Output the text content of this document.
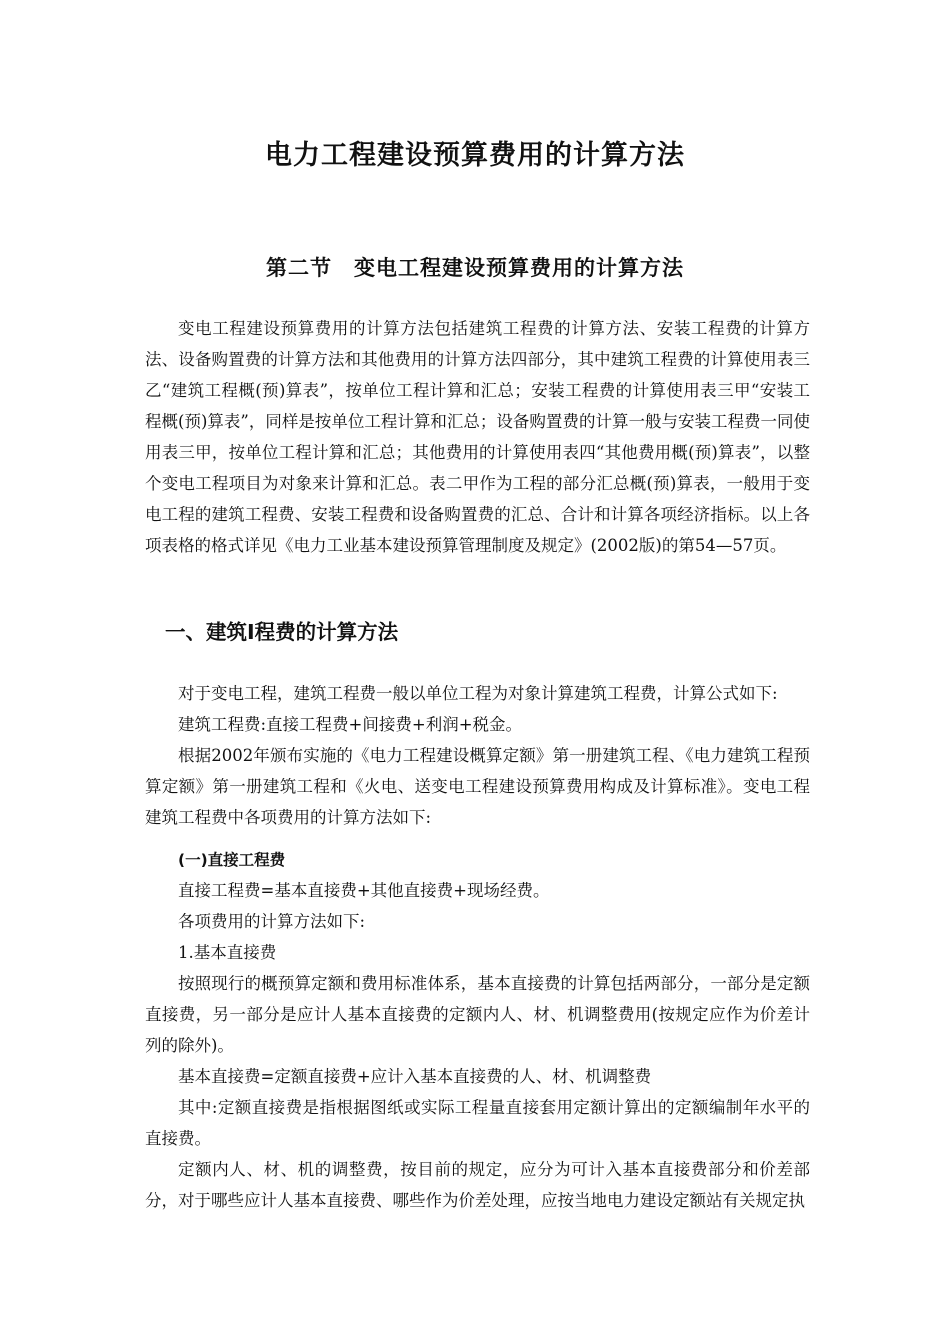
电力工程建设预算费用的计算方法
第二节 变电工程建设预算费用的计算方法

变电工程建设预算费用的计算方法包括建筑工程费的计算方法、安装工程费的计算方法、设备购置费的计算方法和其他费用的计算方法四部分，其中建筑工程费的计算使用表三乙“建筑工程概(预)算表”，按单位工程计算和汇总；安装工程费的计算使用表三甲“安装工程概(预)算表”，同样是按单位工程计算和汇总；设备购置费的计算一般与安装工程费一同使用表三甲，按单位工程计算和汇总；其他费用的计算使用表四“其他费用概(预)算表”，以整个变电工程项目为对象来计算和汇总。表二甲作为工程的部分汇总概(预)算表，一般用于变电工程的建筑工程费、安装工程费和设备购置费的汇总、合计和计算各项经济指标。以上各项表格的格式详见《电力工业基本建设预算管理制度及规定》(2002版)的第54—57页。

一、建筑I程费的计算方法

对于变电工程，建筑工程费一般以单位工程为对象计算建筑工程费，计算公式如下:

建筑工程费:直接工程费+间接费+利润+税金。

根据2002年颁布实施的《电力工程建设概算定额》第一册建筑工程、《电力建筑工程预算定额》第一册建筑工程和《火电、送变电工程建设预算费用构成及计算标准》。变电工程建筑工程费中各项费用的计算方法如下:

(一)直接工程费

直接工程费=基本直接费+其他直接费+现场经费。

各项费用的计算方法如下:

1.基本直接费

按照现行的概预算定额和费用标准体系，基本直接费的计算包括两部分，一部分是定额直接费，另一部分是应计人基本直接费的定额内人、材、机调整费用(按规定应作为价差计列的除外)。

基本直接费=定额直接费+应计入基本直接费的人、材、机调整费

其中:定额直接费是指根据图纸或实际工程量直接套用定额计算出的定额编制年水平的直接费。

定额内人、材、机的调整费，按目前的规定，应分为可计入基本直接费部分和价差部分，对于哪些应计人基本直接费、哪些作为价差处理，应按当地电力建设定额站有关规定执
